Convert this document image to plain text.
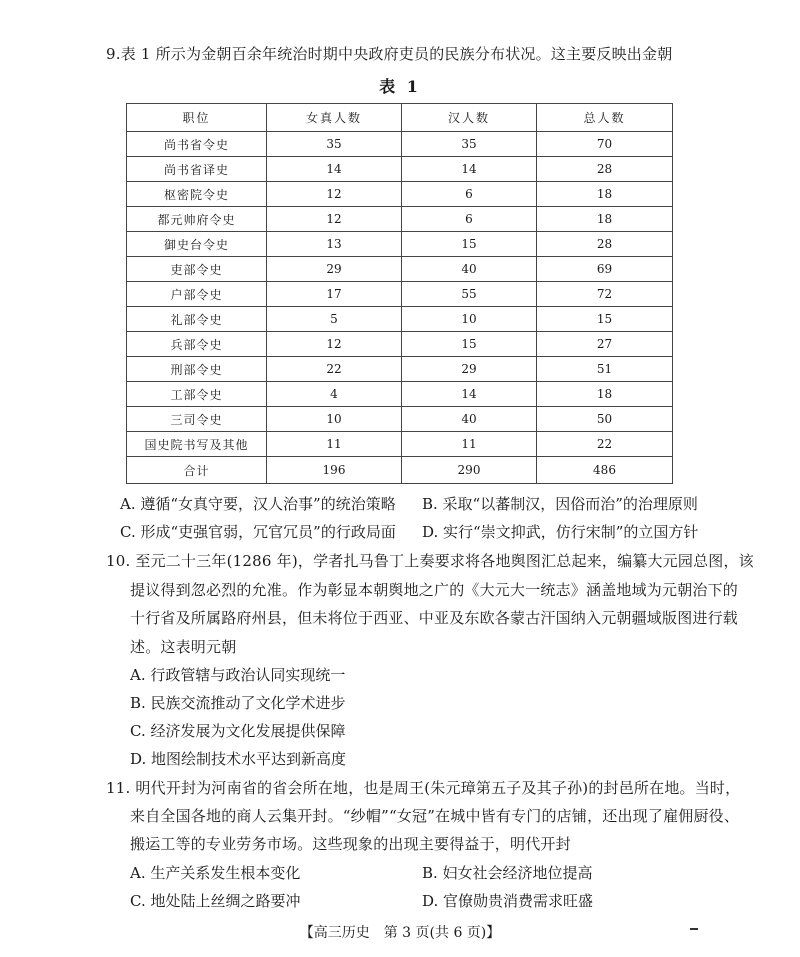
9.表 1 所示为金朝百余年统治时期中央政府吏员的民族分布状况。这主要反映出金朝
表 1
职位	女真人数	汉人数	总人数
尚书省令史	35	35	70
尚书省译史	14	14	28
枢密院令史	12	6	18
都元帅府令史	12	6	18
御史台令史	13	15	28
吏部令史	29	40	69
户部令史	17	55	72
礼部令史	5	10	15
兵部令史	12	15	27
刑部令史	22	29	51
工部令史	4	14	18
三司令史	10	40	50
国史院书写及其他	11	11	22
合计	196	290	486
A. 遵循“女真守要，汉人治事”的统治策略 B. 采取“以蕃制汉，因俗而治”的治理原则
C. 形成“吏强官弱，冗官冗员”的行政局面 D. 实行“崇文抑武，仿行宋制”的立国方针
10. 至元二十三年(1286 年)，学者扎马鲁丁上奏要求将各地舆图汇总起来，编纂大元园总图，该
提议得到忽必烈的允准。作为彰显本朝舆地之广的《大元大一统志》涵盖地域为元朝治下的
十行省及所属路府州县，但未将位于西亚、中亚及东欧各蒙古汗国纳入元朝疆域版图进行载
述。这表明元朝
A. 行政管辖与政治认同实现统一
B. 民族交流推动了文化学术进步
C. 经济发展为文化发展提供保障
D. 地图绘制技术水平达到新高度
11. 明代开封为河南省的省会所在地，也是周王(朱元璋第五子及其子孙)的封邑所在地。当时，
来自全国各地的商人云集开封。“纱帽”“女冠”在城中皆有专门的店铺，还出现了雇佣厨役、
搬运工等的专业劳务市场。这些现象的出现主要得益于，明代开封
A. 生产关系发生根本变化	B. 妇女社会经济地位提高
C. 地处陆上丝绸之路要冲	D. 官僚勋贵消费需求旺盛
【高三历史　第 3 页(共 6 页)】
